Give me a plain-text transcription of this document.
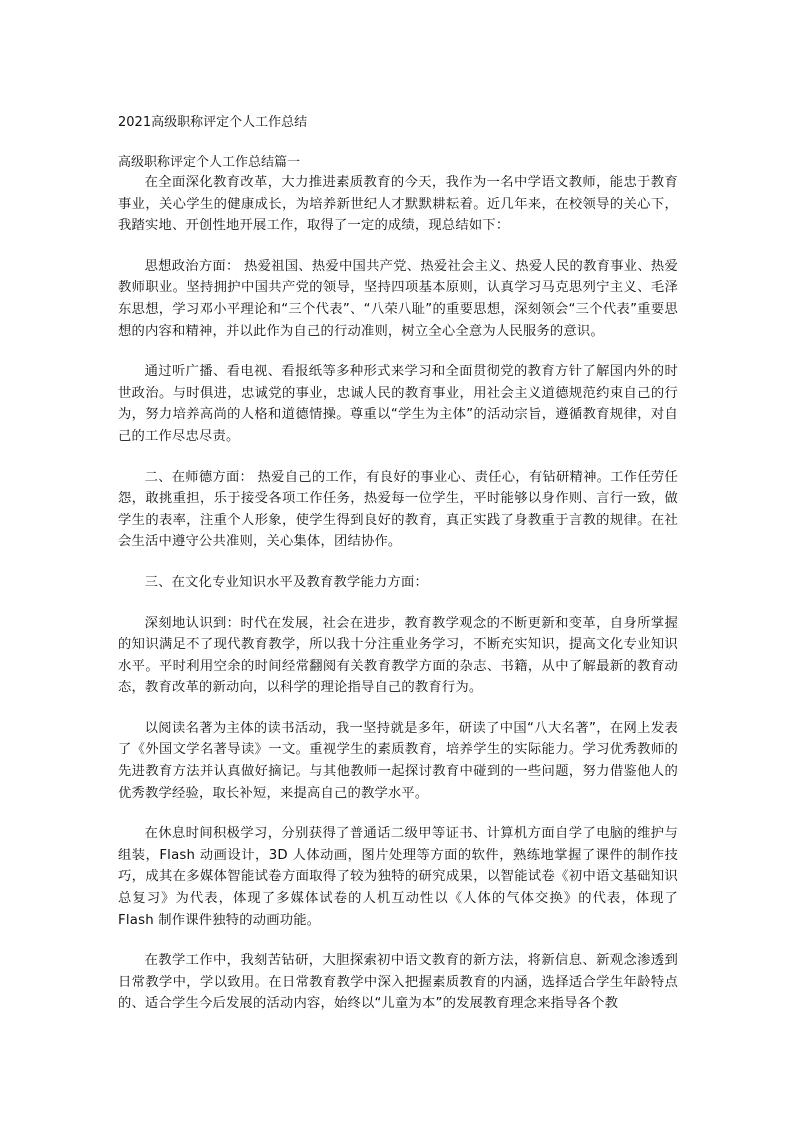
2021高级职称评定个人工作总结
高级职称评定个人工作总结篇一

在全面深化教育改革，大力推进素质教育的今天，我作为一名中学语文教师，能忠于教育事业，关心学生的健康成长，为培养新世纪人才默默耕耘着。近几年来，在校领导的关心下，我踏实地、开创性地开展工作，取得了一定的成绩，现总结如下：

思想政治方面： 热爱祖国、热爱中国共产党、热爱社会主义、热爱人民的教育事业、热爱教师职业。坚持拥护中国共产党的领导，坚持四项基本原则，认真学习马克思列宁主义、毛泽东思想，学习邓小平理论和“三个代表”、“八荣八耻”的重要思想，深刻领会“三个代表”重要思想的内容和精神，并以此作为自己的行动准则，树立全心全意为人民服务的意识。

通过听广播、看电视、看报纸等多种形式来学习和全面贯彻党的教育方针了解国内外的时世政治。与时俱进，忠诚党的事业，忠诚人民的教育事业，用社会主义道德规范约束自己的行为，努力培养高尚的人格和道德情操。尊重以“学生为主体”的活动宗旨，遵循教育规律，对自己的工作尽忠尽责。

二、在师德方面： 热爱自己的工作，有良好的事业心、责任心，有钻研精神。工作任劳任怨，敢挑重担，乐于接受各项工作任务，热爱每一位学生，平时能够以身作则、言行一致，做学生的表率，注重个人形象，使学生得到良好的教育，真正实践了身教重于言教的规律。在社会生活中遵守公共准则，关心集体，团结协作。

三、在文化专业知识水平及教育教学能力方面：

深刻地认识到：时代在发展，社会在进步，教育教学观念的不断更新和变革，自身所掌握的知识满足不了现代教育教学，所以我十分注重业务学习，不断充实知识，提高文化专业知识水平。平时利用空余的时间经常翻阅有关教育教学方面的杂志、书籍，从中了解最新的教育动态，教育改革的新动向，以科学的理论指导自己的教育行为。

以阅读名著为主体的读书活动，我一坚持就是多年，研读了中国“八大名著”，在网上发表了《外国文学名著导读》一文。重视学生的素质教育，培养学生的实际能力。学习优秀教师的先进教育方法并认真做好摘记。与其他教师一起探讨教育中碰到的一些问题，努力借鉴他人的优秀教学经验，取长补短，来提高自己的教学水平。

在休息时间积极学习，分别获得了普通话二级甲等证书、计算机方面自学了电脑的维护与组装，Flash 动画设计，3D 人体动画，图片处理等方面的软件，熟练地掌握了课件的制作技巧，成其在多媒体智能试卷方面取得了较为独特的研究成果，以智能试卷《初中语文基础知识总复习》为代表，体现了多媒体试卷的人机互动性以《人体的气体交换》的代表，体现了 Flash 制作课件独特的动画功能。

在教学工作中，我刻苦钻研，大胆探索初中语文教育的新方法，将新信息、新观念渗透到日常教学中，学以致用。在日常教育教学中深入把握素质教育的内涵，选择适合学生年龄特点的、适合学生今后发展的活动内容，始终以“儿童为本”的发展教育理念来指导各个教
